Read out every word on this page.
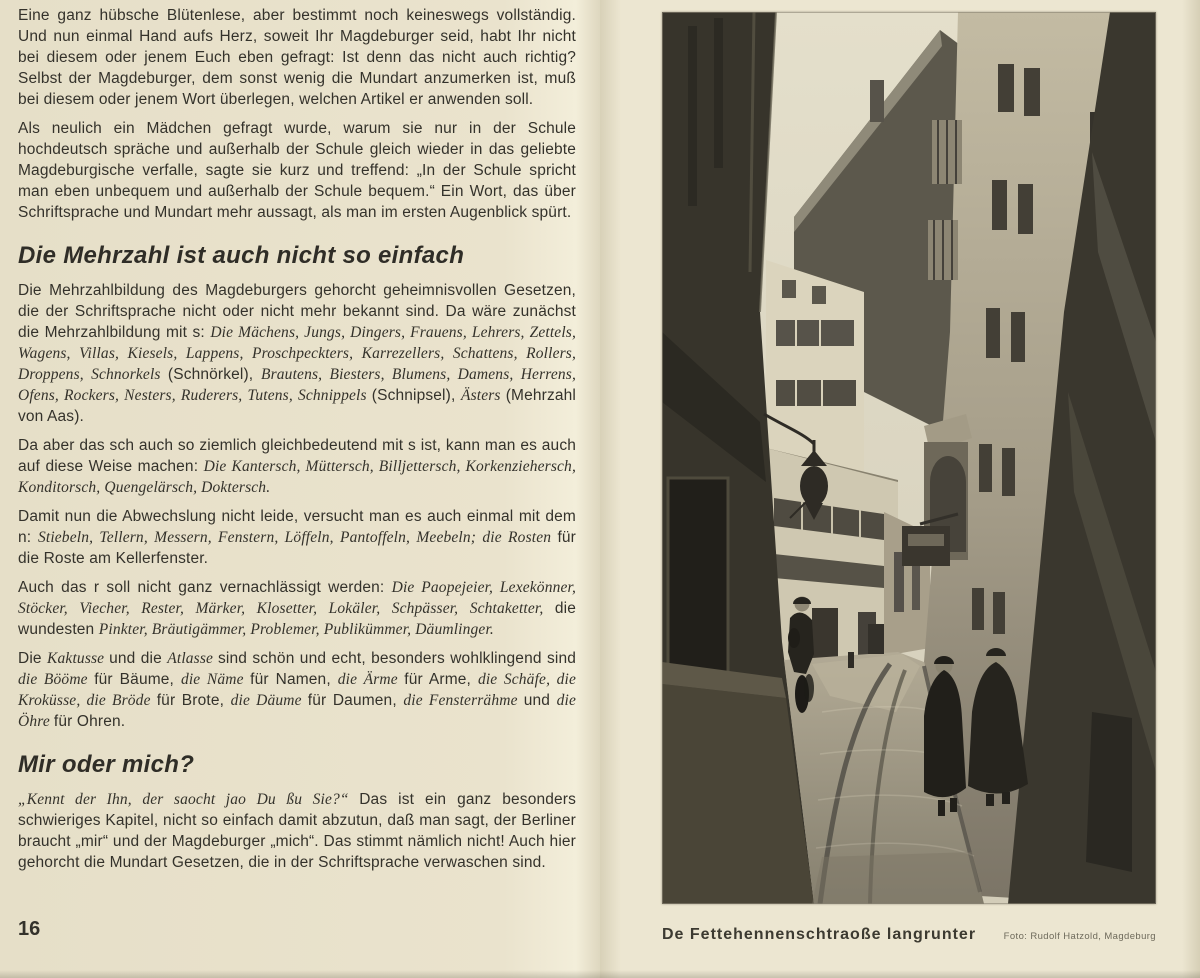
Eine ganz hübsche Blütenlese, aber bestimmt noch keineswegs vollständig. Und nun einmal Hand aufs Herz, soweit Ihr Magdeburger seid, habt Ihr nicht bei diesem oder jenem Euch eben gefragt: Ist denn das nicht auch richtig? Selbst der Magdeburger, dem sonst wenig die Mundart anzumerken ist, muß bei diesem oder jenem Wort überlegen, welchen Artikel er anwenden soll.

Als neulich ein Mädchen gefragt wurde, warum sie nur in der Schule hochdeutsch spräche und außerhalb der Schule gleich wieder in das geliebte Magdeburgische verfalle, sagte sie kurz und treffend: „In der Schule spricht man eben unbequem und außerhalb der Schule bequem.“ Ein Wort, das über Schriftsprache und Mundart mehr aussagt, als man im ersten Augenblick spürt.

Die Mehrzahl ist auch nicht so einfach

Die Mehrzahlbildung des Magdeburgers gehorcht geheimnisvollen Gesetzen, die der Schriftsprache nicht oder nicht mehr bekannt sind. Da wäre zunächst die Mehrzahlbildung mit s: Die Mächens, Jungs, Dingers, Frauens, Lehrers, Zettels, Wagens, Villas, Kiesels, Lappens, Proschpeckters, Karrezellers, Schattens, Rollers, Droppens, Schnorkels (Schnörkel), Brautens, Biesters, Blumens, Damens, Herrens, Ofens, Rockers, Nesters, Ruderers, Tutens, Schnippels (Schnipsel), Ästers (Mehrzahl von Aas).

Da aber das sch auch so ziemlich gleichbedeutend mit s ist, kann man es auch auf diese Weise machen: Die Kantersch, Müttersch, Billjettersch, Korkenziehersch, Konditorsch, Quengelärsch, Doktersch.

Damit nun die Abwechslung nicht leide, versucht man es auch einmal mit dem n: Stiebeln, Tellern, Messern, Fenstern, Löffeln, Pantoffeln, Meebeln; die Rosten für die Roste am Kellerfenster.

Auch das r soll nicht ganz vernachlässigt werden: Die Paopejeier, Lexekönner, Stöcker, Viecher, Rester, Märker, Klosetter, Lokäler, Schpässer, Schtaketter, die wundesten Pinkter, Bräutigämmer, Problemer, Publikümmer, Däumlinger.

Die Kaktusse und die Atlasse sind schön und echt, besonders wohlklingend sind die Bööme für Bäume, die Näme für Namen, die Ärme für Arme, die Schäfe, die Kroküsse, die Bröde für Brote, die Däume für Daumen, die Fensterrähme und die Öhre für Ohren.

Mir oder mich?

„Kennt der Ihn, der saocht jao Du ßu Sie?“ Das ist ein ganz besonders schwieriges Kapitel, nicht so einfach damit abzutun, daß man sagt, der Berliner braucht „mir“ und der Magdeburger „mich“. Das stimmt nämlich nicht! Auch hier gehorcht die Mundart Gesetzen, die in der Schriftsprache verwaschen sind.

16	De Fettehennenschtraoße langrunter	Foto: Rudolf Hatzold, Magdeburg
